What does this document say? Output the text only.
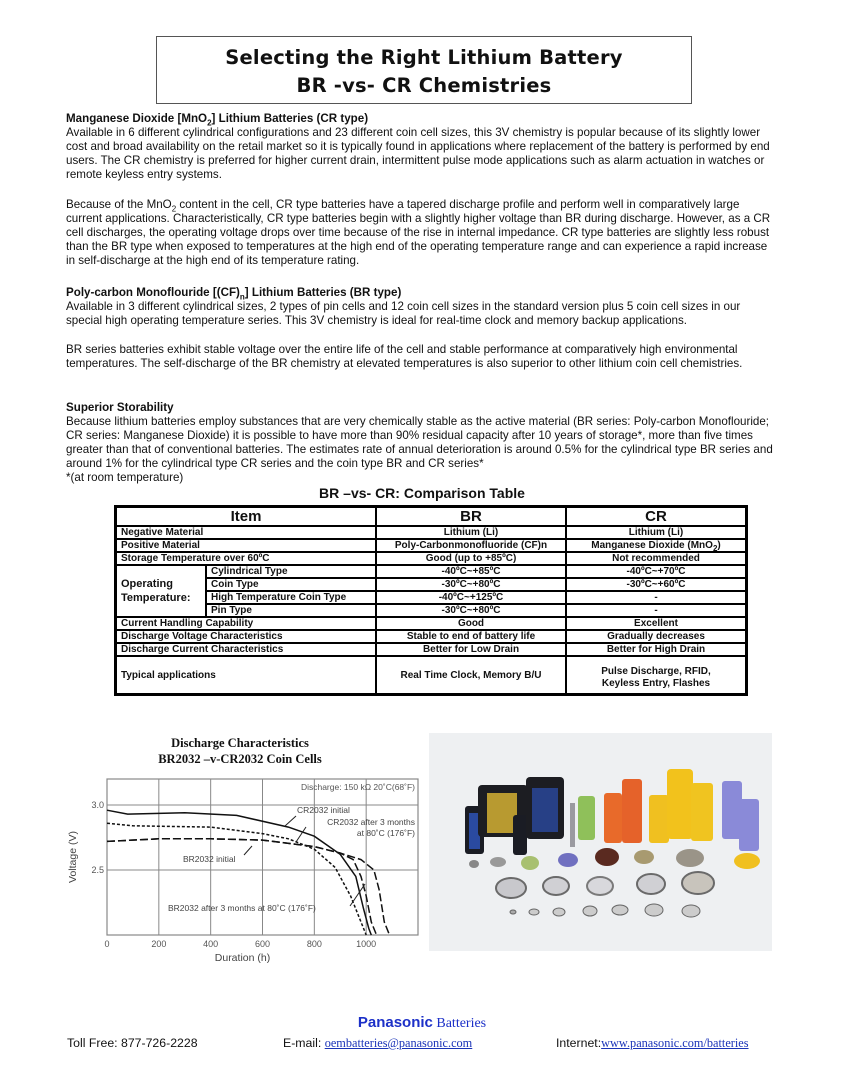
Selecting the Right Lithium Battery
BR -vs- CR Chemistries
Manganese Dioxide [MnO$_2$] Lithium Batteries (CR type)

Available in 6 different cylindrical configurations and 23 different coin cell sizes, this 3V chemistry is popular because of its slightly lower cost and broad availability on the retail market so it is typically found in applications where replacement of the battery is performed by end users. The CR chemistry is preferred for higher current drain, intermittent pulse mode applications such as alarm actuation in watches or remote keyless entry systems.

Because of the MnO$_2$ content in the cell, CR type batteries have a tapered discharge profile and perform well in comparatively large current applications. Characteristically, CR type batteries begin with a slightly higher voltage than BR during discharge. However, as a CR cell discharges, the operating voltage drops over time because of the rise in internal impedance. CR type batteries are slightly less robust than the BR type when exposed to temperatures at the high end of the operating temperature range and can experience a rapid increase in self-discharge at the high end of its temperature rating.

Poly-carbon Monoflouride $[(CF)_n]$ Lithium Batteries (BR type)

Available in 3 different cylindrical sizes, 2 types of pin cells and 12 coin cell sizes in the standard version plus 5 coin cell sizes in our special high operating temperature series. This 3V chemistry is ideal for real-time clock and memory backup applications.

BR series batteries exhibit stable voltage over the entire life of the cell and stable performance at comparatively high environmental temperatures. The self-discharge of the BR chemistry at elevated temperatures is also superior to other lithium coin cell chemistries.

Superior Storability

Because lithium batteries employ substances that are very chemically stable as the active material (BR series: Poly-carbon Monoflouride; CR series: Manganese Dioxide) it is possible to have more than 90% residual capacity after 10 years of storage*, more than five times greater than that of conventional batteries. The estimates rate of annual deterioration is around 0.5% for the cylindrical type BR series and around 1% for the cylindrical type CR series and the coin type BR and CR series*

*(at room temperature)

BR –vs- CR: Comparison Table
Item		BR	CR
Negative Material		Lithium (Li)	Lithium (Li)
Positive Material		Poly-Carbonmonofluoride (CF)n	Manganese Dioxide (MnO$_2$)
Storage Temperature over 60ºC		Good (up to +85ºC)	Not recommended
Operating Temperature:	Cylindrical Type	-40ºC~+85ºC	-40ºC~+70ºC
	Coin Type	-30ºC~+80ºC	-30ºC~+60ºC
	High Temperature Coin Type	-40ºC~+125ºC	-
	Pin Type	-30ºC~+80ºC	-
Current Handling Capability		Good	Excellent
Discharge Voltage Characteristics		Stable to end of battery life	Gradually decreases
Discharge Current Characteristics		Better for Low Drain	Better for High Drain
Typical applications		Real Time Clock, Memory B/U	Pulse Discharge, RFID,
Keyless Entry, Flashes
Discharge Characteristics
BR2032 –v-CR2032 Coin Cells
0	200	400	600	800	1000
2.5
3.0
Duration (h)
Voltage (V)
Discharge: 150 kΩ 20˚C(68˚F)
CR2032 initial
CR2032 after 3 months
at 80˚C (176˚F)
BR2032 initial
BR2032 after 3 months at 80˚C (176˚F)
Panasonic Batteries
Toll Free: 877-726-2228	E-mail: oembatteries@panasonic.com	Internet:www.panasonic.com/batteries
